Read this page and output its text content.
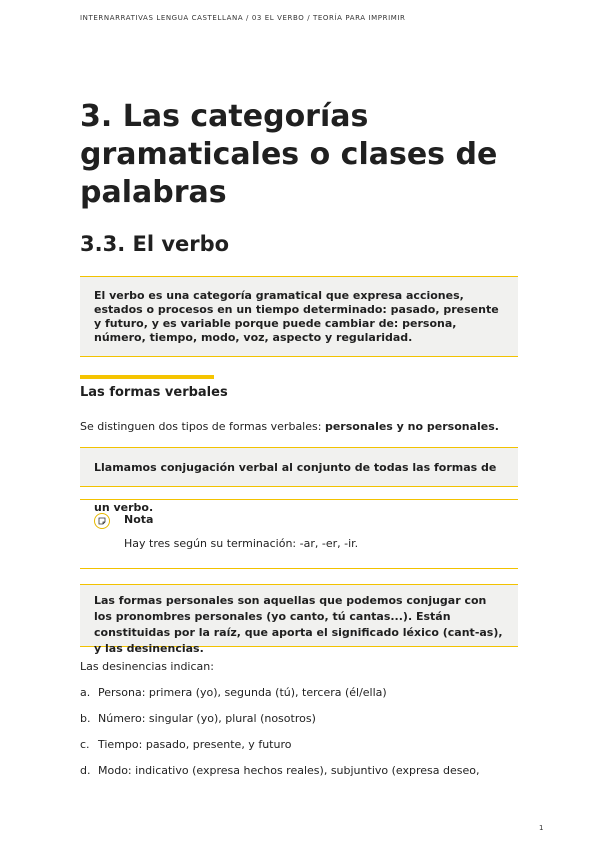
INTERNARRATIVAS LENGUA CASTELLANA / 03 EL VERBO / TEORÍA PARA IMPRIMIR
3. Las categorías gramaticales o clases de palabras
3.3. El verbo
El verbo es una categoría gramatical que expresa acciones, estados o procesos en un tiempo determinado: pasado, presente y futuro, y es variable porque puede cambiar de: persona, número, tiempo, modo, voz, aspecto y regularidad.
Las formas verbales
Se distinguen dos tipos de formas verbales: personales y no personales.
Llamamos conjugación verbal al conjunto de todas las formas de un verbo.
Nota
Hay tres según su terminación: -ar, -er, -ir.
Las formas personales son aquellas que podemos conjugar con los pronombres personales (yo canto, tú cantas...). Están constituidas por la raíz, que aporta el significado léxico (cant-as), y las desinencias.
Las desinencias indican:
a. Persona: primera (yo), segunda (tú), tercera (él/ella)
b. Número: singular (yo), plural (nosotros)
c. Tiempo: pasado, presente, y futuro
d. Modo: indicativo (expresa hechos reales), subjuntivo (expresa deseo,
1
